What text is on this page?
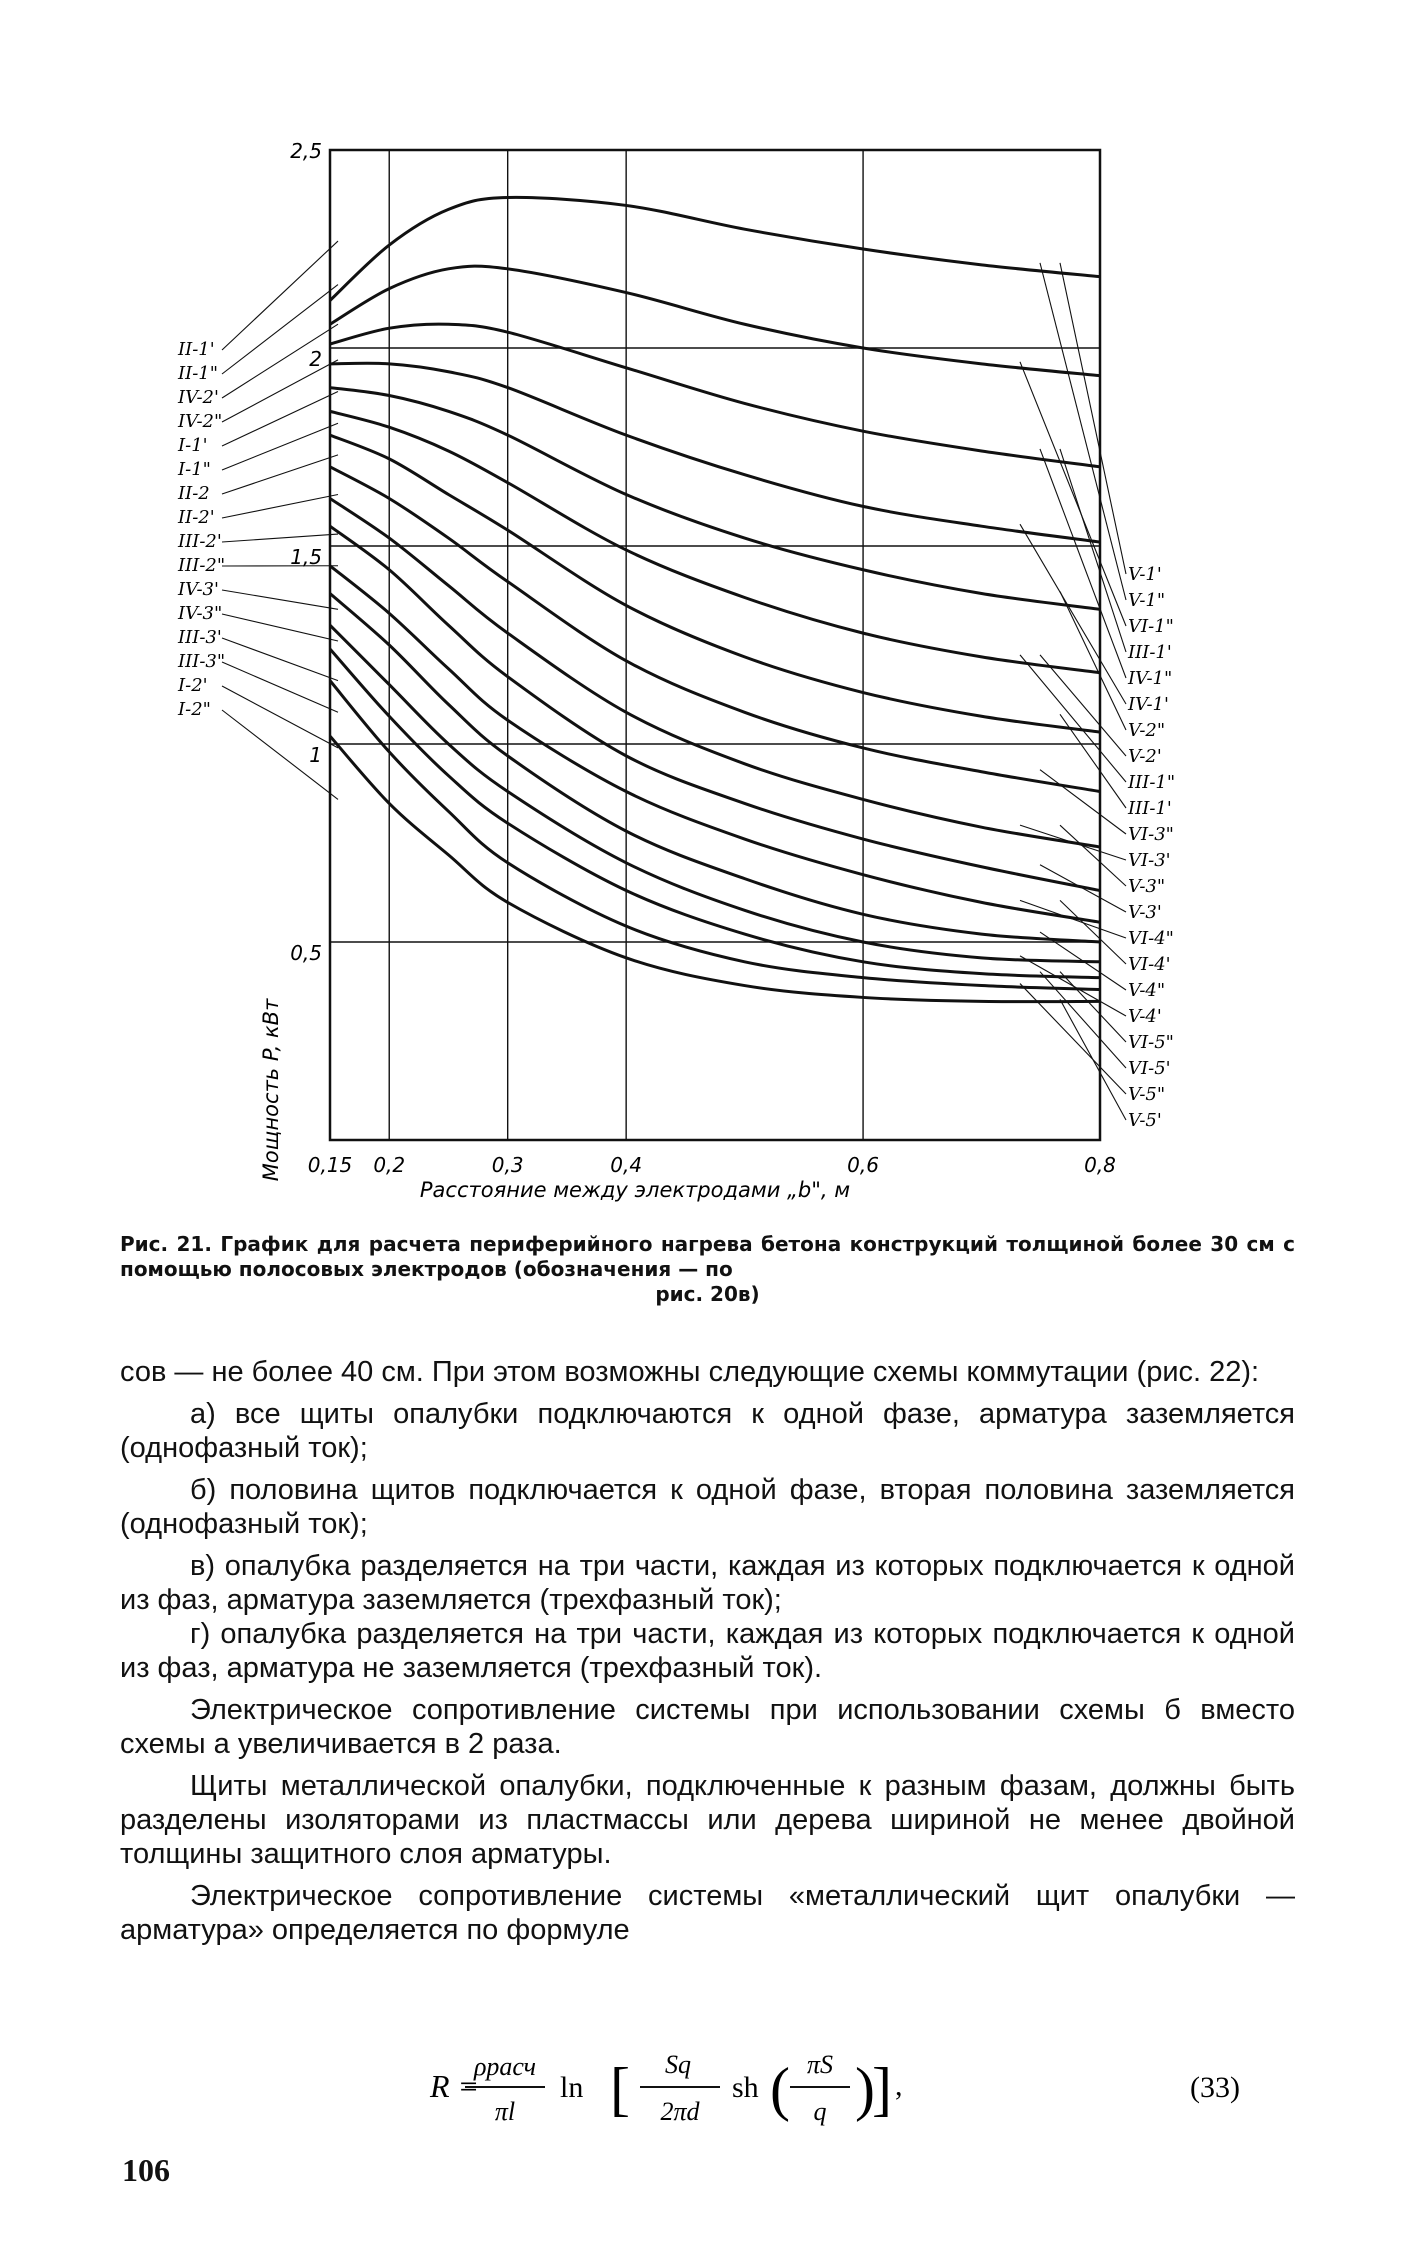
0,15 0,2	0,3	0,4	0,6	0,8
0,5
1
1,5
2
2,5
II-1'
II-1"
IV-2'
IV-2"
I-1'
I-1"
II-2
II-2'
III-2'
III-2"
IV-3'
IV-3"
III-3'
III-3"
I-2'
I-2"
V-1'
V-1"
VI-1"
III-1'
IV-1"
IV-1'
V-2"
V-2'
III-1"
III-1'
VI-3"
VI-3'
V-3"
V-3'
VI-4"
VI-4'
V-4"
V-4'
VI-5"
VI-5'
V-5"
V-5'
Расстояние между электродами „b", м
Мощность P, кВт
Рис. 21. График для расчета периферийного нагрева бетона конструкций толщиной более 30 см с помощью полосовых электродов (обозначения — по
рис. 20в)

сов — не более 40 см. При этом возможны следующие схемы коммутации (рис. 22):

а) все щиты опалубки подключаются к одной фазе, арматура заземляется (однофазный ток);

б) половина щитов подключается к одной фазе, вторая половина заземляется (однофазный ток);

в) опалубка разделяется на три части, каждая из которых подключается к одной из фаз, арматура заземляется (трехфазный ток);

г) опалубка разделяется на три части, каждая из которых подключается к одной из фаз, арматура не заземляется (трехфазный ток).

Электрическое сопротивление системы при использовании схемы б вместо схемы а увеличивается в 2 раза.

Щиты металлической опалубки, подключенные к разным фазам, должны быть разделены изоляторами из пластмассы или дерева шириной не менее двойной толщины защитного слоя арматуры.

Электрическое сопротивление системы «металлический щит опалубки — арматура» определяется по формуле

R =
ρрасч
πl
ln [ Sq
2πd
sh ( πS
q )
] ,	(33)
106
